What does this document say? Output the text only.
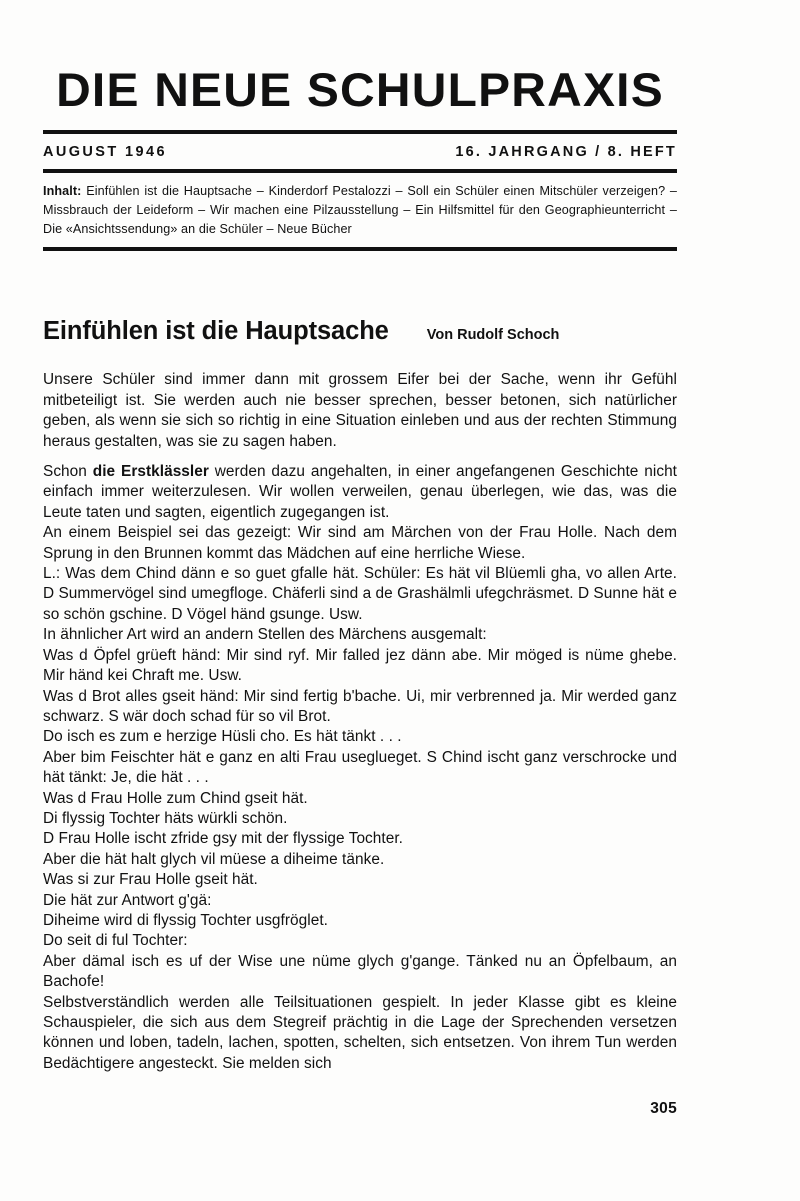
DIE NEUE SCHULPRAXIS
AUGUST 1946	16. JAHRGANG / 8. HEFT
Inhalt: Einfühlen ist die Hauptsache – Kinderdorf Pestalozzi – Soll ein Schüler einen Mitschüler verzeigen? – Missbrauch der Leideform – Wir machen eine Pilzausstellung – Ein Hilfsmittel für den Geographieunterricht – Die «Ansichtssendung» an die Schüler – Neue Bücher
Einfühlen ist die Hauptsache	Von Rudolf Schoch

Unsere Schüler sind immer dann mit grossem Eifer bei der Sache, wenn ihr Gefühl mitbeteiligt ist. Sie werden auch nie besser sprechen, besser betonen, sich natürlicher geben, als wenn sie sich so richtig in eine Situation einleben und aus der rechten Stimmung heraus gestalten, was sie zu sagen haben.

Schon die Erstklässler werden dazu angehalten, in einer angefangenen Geschichte nicht einfach immer weiterzulesen. Wir wollen verweilen, genau überlegen, wie das, was die Leute taten und sagten, eigentlich zugegangen ist.

An einem Beispiel sei das gezeigt: Wir sind am Märchen von der Frau Holle. Nach dem Sprung in den Brunnen kommt das Mädchen auf eine herrliche Wiese.

L.: Was dem Chind dänn e so guet gfalle hät. Schüler: Es hät vil Blüemli gha, vo allen Arte. D Summervögel sind umegfloge. Chäferli sind a de Grashälmli ufegchräsmet. D Sunne hät e so schön gschine. D Vögel händ gsunge. Usw.

In ähnlicher Art wird an andern Stellen des Märchens ausgemalt:

Was d Öpfel grüeft händ: Mir sind ryf. Mir falled jez dänn abe. Mir möged is nüme ghebe. Mir händ kei Chraft me. Usw.

Was d Brot alles gseit händ: Mir sind fertig b'bache. Ui, mir verbrenned ja. Mir werded ganz schwarz. S wär doch schad für so vil Brot.

Do isch es zum e herzige Hüsli cho. Es hät tänkt . . .

Aber bim Feischter hät e ganz en alti Frau useglueget. S Chind ischt ganz verschrocke und hät tänkt: Je, die hät . . .

Was d Frau Holle zum Chind gseit hät.

Di flyssig Tochter häts würkli schön.

D Frau Holle ischt zfride gsy mit der flyssige Tochter.

Aber die hät halt glych vil müese a diheime tänke.

Was si zur Frau Holle gseit hät.

Die hät zur Antwort g'gä:

Diheime wird di flyssig Tochter usgfröglet.

Do seit di ful Tochter:

Aber dämal isch es uf der Wise une nüme glych g'gange. Tänked nu an Öpfelbaum, an Bachofe!

Selbstverständlich werden alle Teilsituationen gespielt. In jeder Klasse gibt es kleine Schauspieler, die sich aus dem Stegreif prächtig in die Lage der Sprechenden versetzen können und loben, tadeln, lachen, spotten, schelten, sich entsetzen. Von ihrem Tun werden Bedächtigere angesteckt. Sie melden sich

305
